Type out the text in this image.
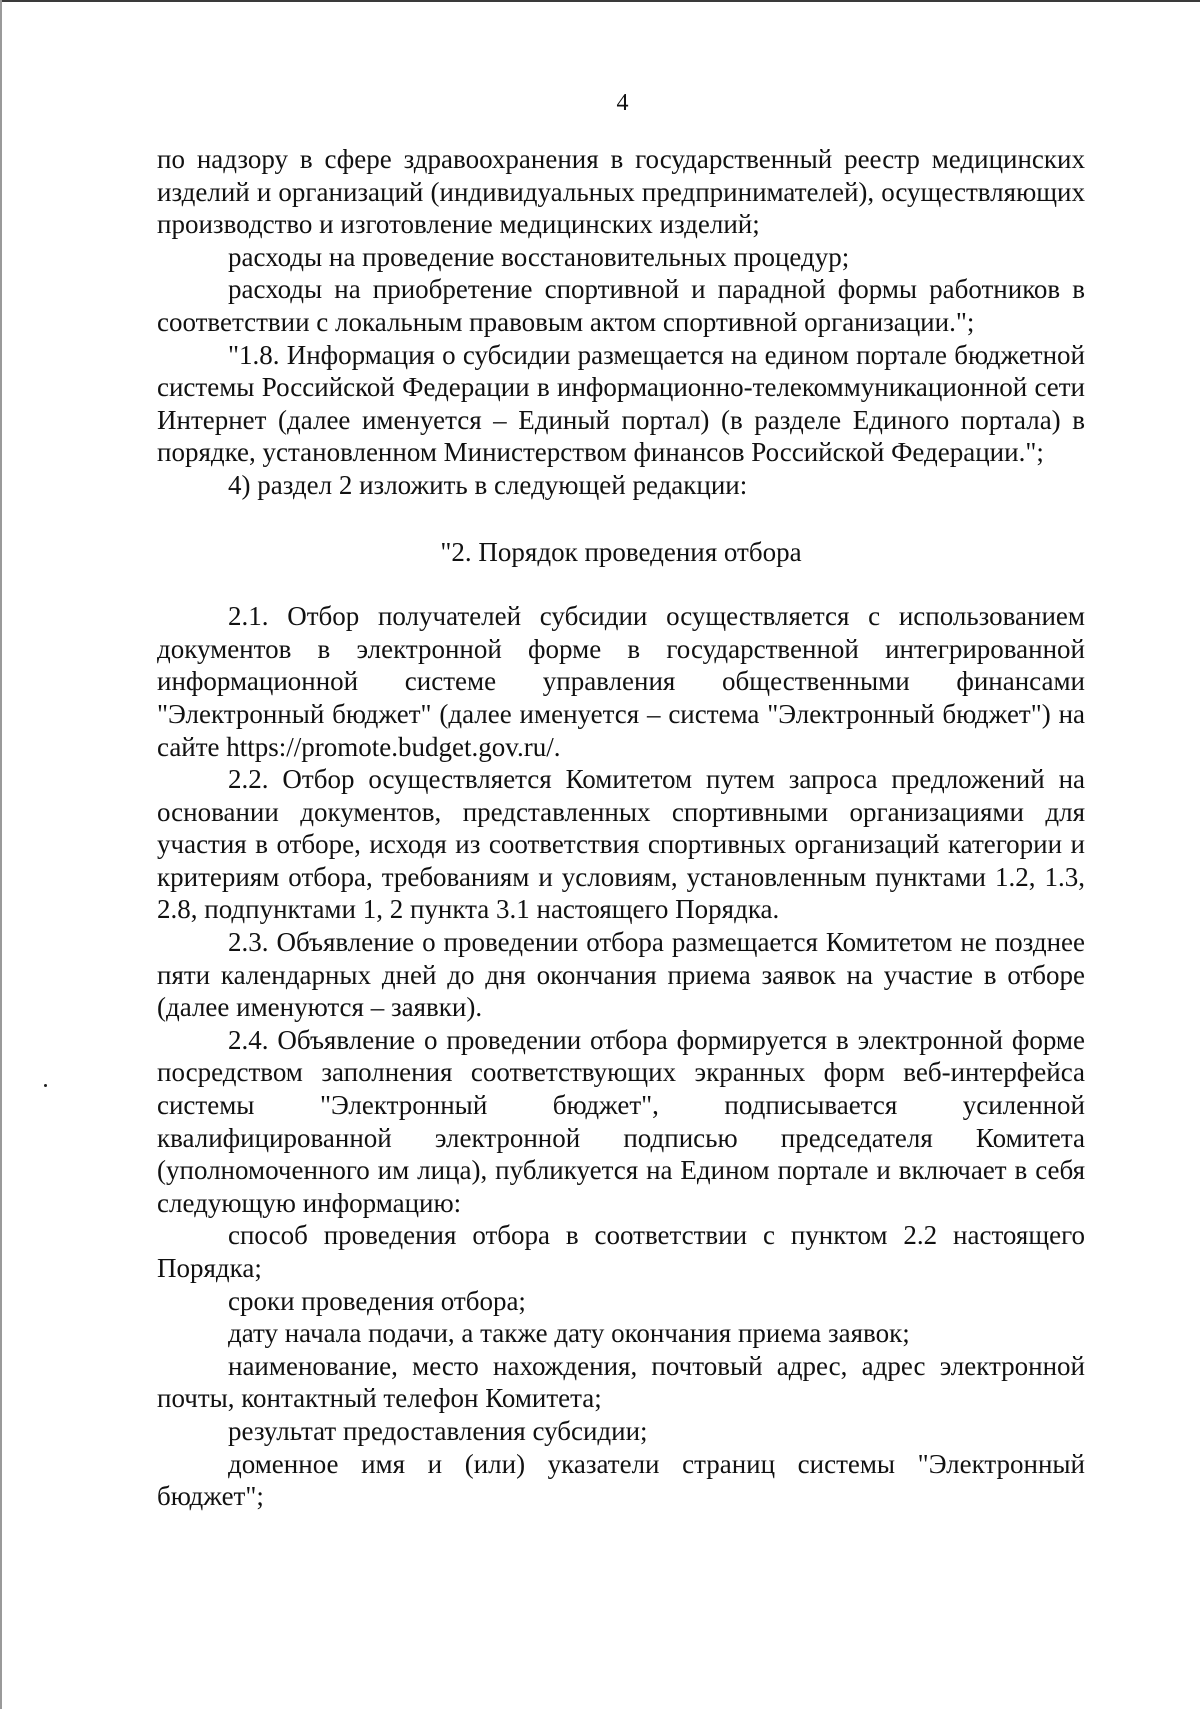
4

по надзору в сфере здравоохранения в государственный реестр медицинских изделий и организаций (индивидуальных предпринимателей), осуществляющих производство и изготовление медицинских изделий;

расходы на проведение восстановительных процедур;

расходы на приобретение спортивной и парадной формы работников в соответствии с локальным правовым актом спортивной организации.";

"1.8. Информация о субсидии размещается на едином портале бюджетной системы Российской Федерации в информационно-телекоммуникационной сети Интернет (далее именуется – Единый портал) (в разделе Единого портала) в порядке, установленном Министерством финансов Российской Федерации.";

4) раздел 2 изложить в следующей редакции:

"2. Порядок проведения отбора

2.1. Отбор получателей субсидии осуществляется с использованием документов в электронной форме в государственной интегрированной информационной системе управления общественными финансами "Электронный бюджет" (далее именуется – система "Электронный бюджет") на сайте https://promote.budget.gov.ru/.

2.2. Отбор осуществляется Комитетом путем запроса предложений на основании документов, представленных спортивными организациями для участия в отборе, исходя из соответствия спортивных организаций категории и критериям отбора, требованиям и условиям, установленным пунктами 1.2, 1.3, 2.8, подпунктами 1, 2 пункта 3.1 настоящего Порядка.

2.3. Объявление о проведении отбора размещается Комитетом не позднее пяти календарных дней до дня окончания приема заявок на участие в отборе (далее именуются – заявки).

2.4. Объявление о проведении отбора формируется в электронной форме посредством заполнения соответствующих экранных форм веб-интерфейса системы "Электронный бюджет", подписывается усиленной квалифицированной электронной подписью председателя Комитета (уполномоченного им лица), публикуется на Едином портале и включает в себя следующую информацию:

способ проведения отбора в соответствии с пунктом 2.2 настоящего Порядка;

сроки проведения отбора;

дату начала подачи, а также дату окончания приема заявок;

наименование, место нахождения, почтовый адрес, адрес электронной почты, контактный телефон Комитета;

результат предоставления субсидии;

доменное имя и (или) указатели страниц системы "Электронный бюджет";
